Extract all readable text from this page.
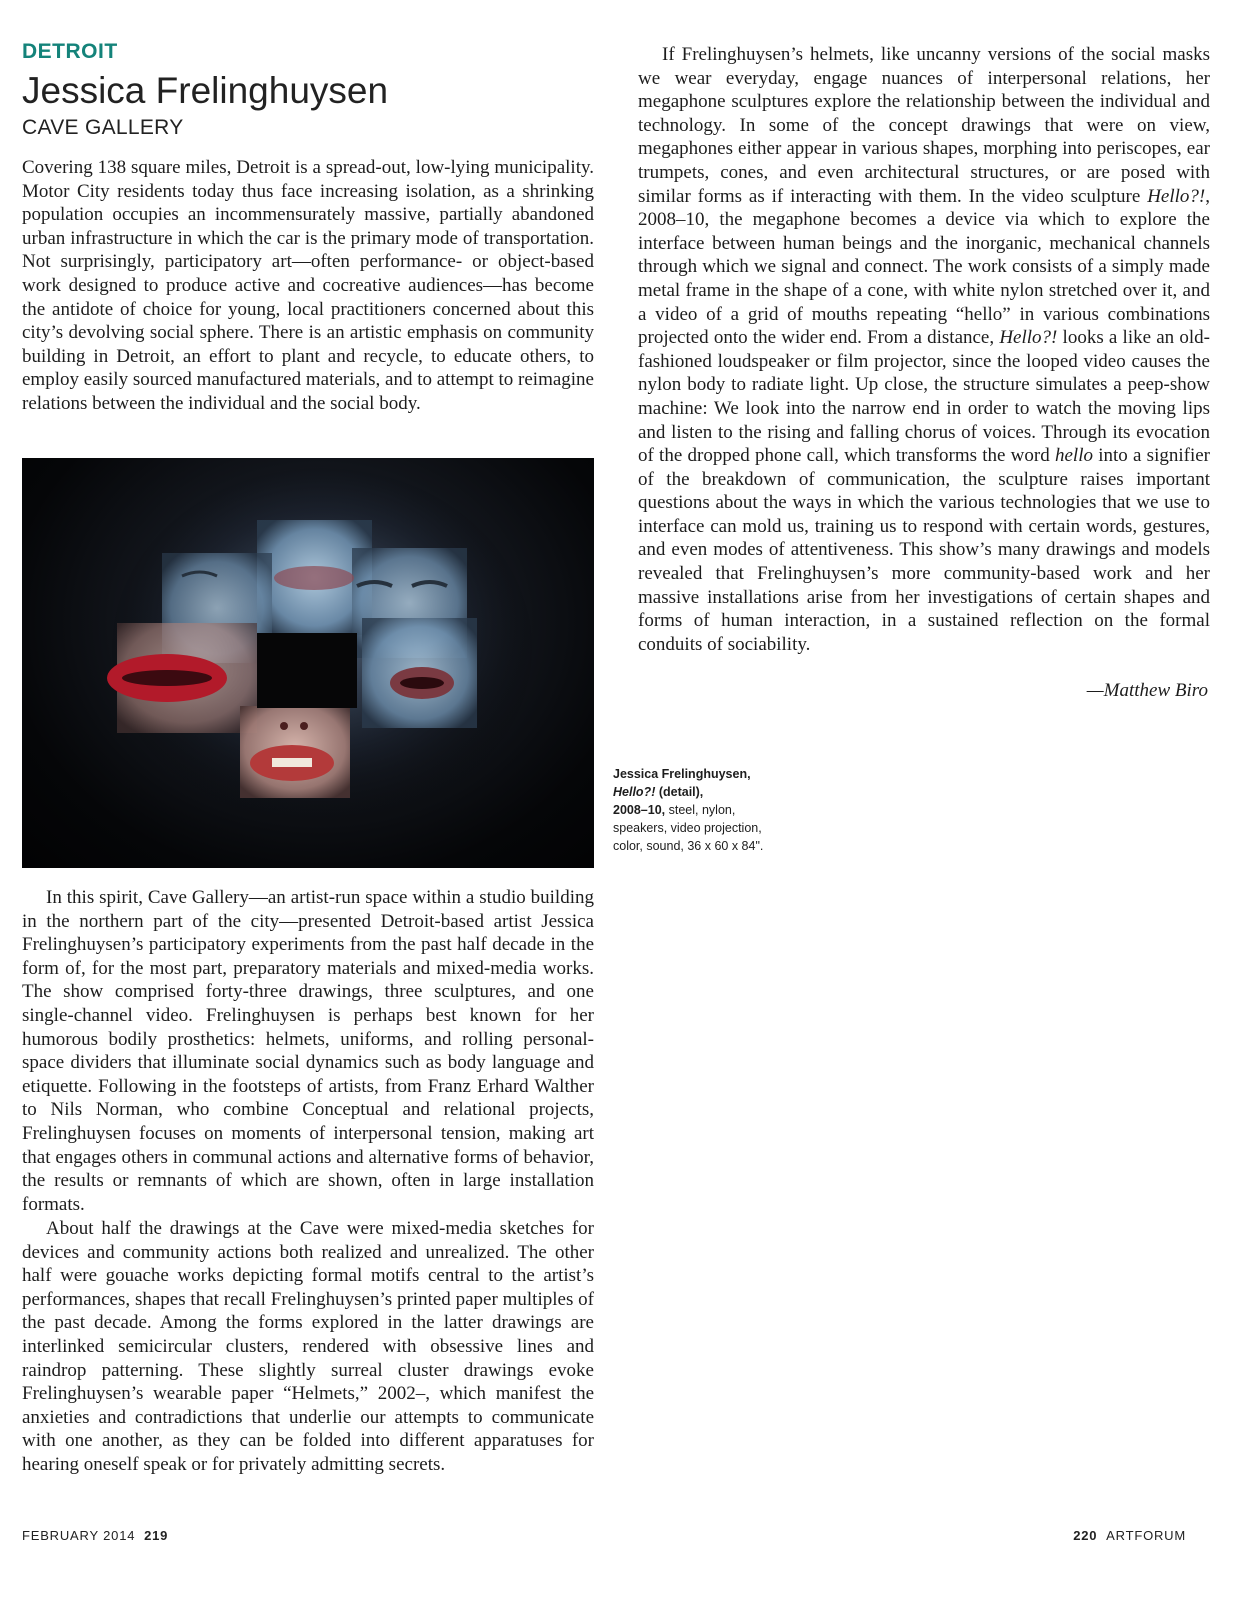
DETROIT
Jessica Frelinghuysen
CAVE GALLERY

Covering 138 square miles, Detroit is a spread-out, low-lying municipality. Motor City residents today thus face increasing isolation, as a shrinking population occupies an incommensurately massive, partially abandoned urban infrastructure in which the car is the primary mode of transportation. Not surprisingly, participatory art—often performance- or object-based work designed to produce active and cocreative audiences—has become the antidote of choice for young, local practitioners concerned about this city’s devolving social sphere. There is an artistic emphasis on community building in Detroit, an effort to plant and recycle, to educate others, to employ easily sourced manufactured materials, and to attempt to reimagine relations between the individual and the social body.

In this spirit, Cave Gallery—an artist-run space within a studio building in the northern part of the city—presented Detroit-based artist Jessica Frelinghuysen’s participatory experiments from the past half decade in the form of, for the most part, preparatory materials and mixed-media works. The show comprised forty-three drawings, three sculptures, and one single-channel video. Frelinghuysen is perhaps best known for her humorous bodily prosthetics: helmets, uniforms, and rolling personal-space dividers that illuminate social dynamics such as body language and etiquette. Following in the footsteps of artists, from Franz Erhard Walther to Nils Norman, who combine Conceptual and relational projects, Frelinghuysen focuses on moments of interpersonal tension, making art that engages others in communal actions and alternative forms of behavior, the results or remnants of which are shown, often in large installation formats.

About half the drawings at the Cave were mixed-media sketches for devices and community actions both realized and unrealized. The other half were gouache works depicting formal motifs central to the artist’s performances, shapes that recall Frelinghuysen’s printed paper multiples of the past decade. Among the forms explored in the latter drawings are interlinked semicircular clusters, rendered with obsessive lines and raindrop patterning. These slightly surreal cluster drawings evoke Frelinghuysen’s wearable paper “Helmets,” 2002–, which manifest the anxieties and contradictions that underlie our attempts to communicate with one another, as they can be folded into different apparatuses for hearing oneself speak or for privately admitting secrets.

If Frelinghuysen’s helmets, like uncanny versions of the social masks we wear everyday, engage nuances of interpersonal relations, her megaphone sculptures explore the relationship between the individual and technology. In some of the concept drawings that were on view, megaphones either appear in various shapes, morphing into periscopes, ear trumpets, cones, and even architectural structures, or are posed with similar forms as if interacting with them. In the video sculpture Hello?!, 2008–10, the megaphone becomes a device via which to explore the interface between human beings and the inorganic, mechanical channels through which we signal and connect. The work consists of a simply made metal frame in the shape of a cone, with white nylon stretched over it, and a video of a grid of mouths repeating “hello” in various combinations projected onto the wider end. From a distance, Hello?! looks a like an old-fashioned loudspeaker or film projector, since the looped video causes the nylon body to radiate light. Up close, the structure simulates a peep-show machine: We look into the narrow end in order to watch the moving lips and listen to the rising and falling chorus of voices. Through its evocation of the dropped phone call, which transforms the word hello into a signifier of the breakdown of communication, the sculpture raises important questions about the ways in which the various technologies that we use to interface can mold us, training us to respond with certain words, gestures, and even modes of attentiveness. This show’s many drawings and models revealed that Frelinghuysen’s more community-based work and her massive installations arise from her investigations of certain shapes and forms of human interaction, in a sustained reflection on the formal conduits of sociability.

—Matthew Biro

Jessica Frelinghuysen,
Hello?! (detail),
2008–10, steel, nylon, speakers, video projection, color, sound, 36 x 60 x 84".

FEBRUARY 2014 219	220 ARTFORUM
